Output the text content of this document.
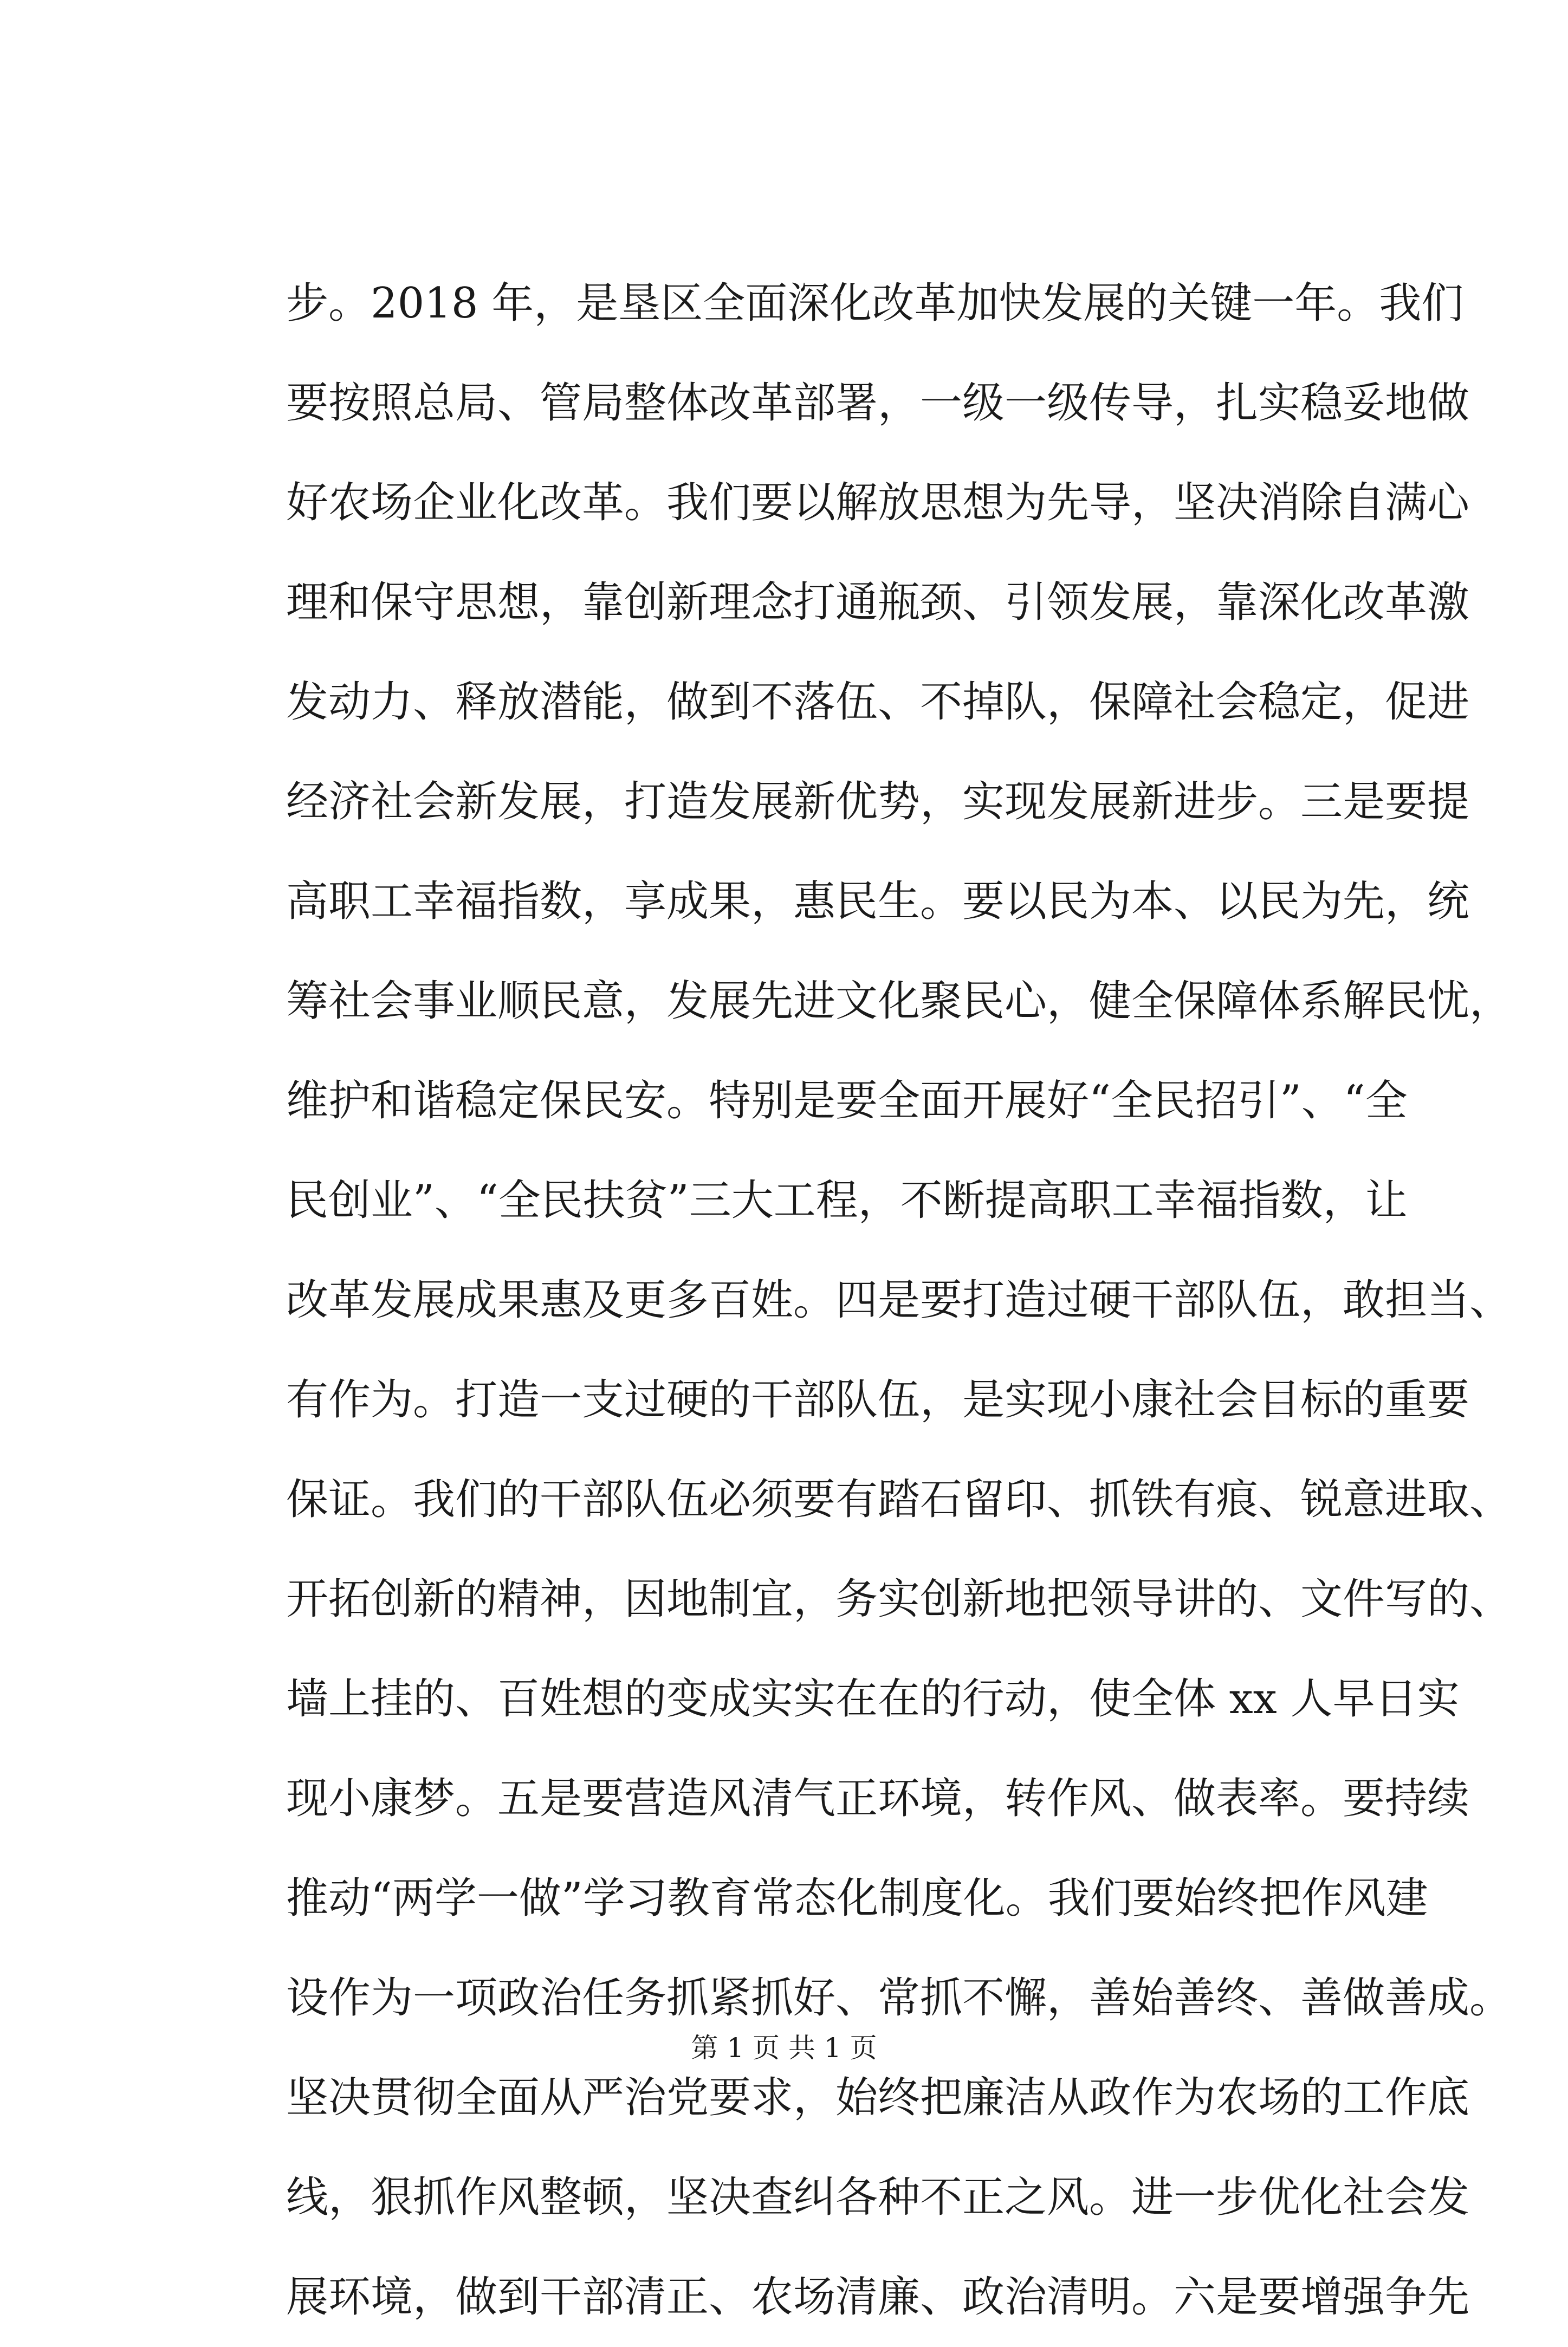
步。2018 年，是垦区全面深化改革加快发展的关键一年。我们
要按照总局、管局整体改革部署，一级一级传导，扎实稳妥地做
好农场企业化改革。我们要以解放思想为先导，坚决消除自满心
理和保守思想，靠创新理念打通瓶颈、引领发展，靠深化改革激
发动力、释放潜能，做到不落伍、不掉队，保障社会稳定，促进
经济社会新发展，打造发展新优势，实现发展新进步。三是要提
高职工幸福指数，享成果，惠民生。要以民为本、以民为先，统
筹社会事业顺民意，发展先进文化聚民心，健全保障体系解民忧，
维护和谐稳定保民安。特别是要全面开展好“全民招引”、“全
民创业”、“全民扶贫”三大工程，不断提高职工幸福指数，让
改革发展成果惠及更多百姓。四是要打造过硬干部队伍，敢担当、
有作为。打造一支过硬的干部队伍，是实现小康社会目标的重要
保证。我们的干部队伍必须要有踏石留印、抓铁有痕、锐意进取、
开拓创新的精神，因地制宜，务实创新地把领导讲的、文件写的、
墙上挂的、百姓想的变成实实在在的行动，使全体 xx 人早日实
现小康梦。五是要营造风清气正环境，转作风、做表率。要持续
推动“两学一做”学习教育常态化制度化。我们要始终把作风建
设作为一项政治任务抓紧抓好、常抓不懈，善始善终、善做善成。
坚决贯彻全面从严治党要求，始终把廉洁从政作为农场的工作底
线，狠抓作风整顿，坚决查纠各种不正之风。进一步优化社会发
展环境，做到干部清正、农场清廉、政治清明。六是要增强争先
第 1 页 共 1 页
